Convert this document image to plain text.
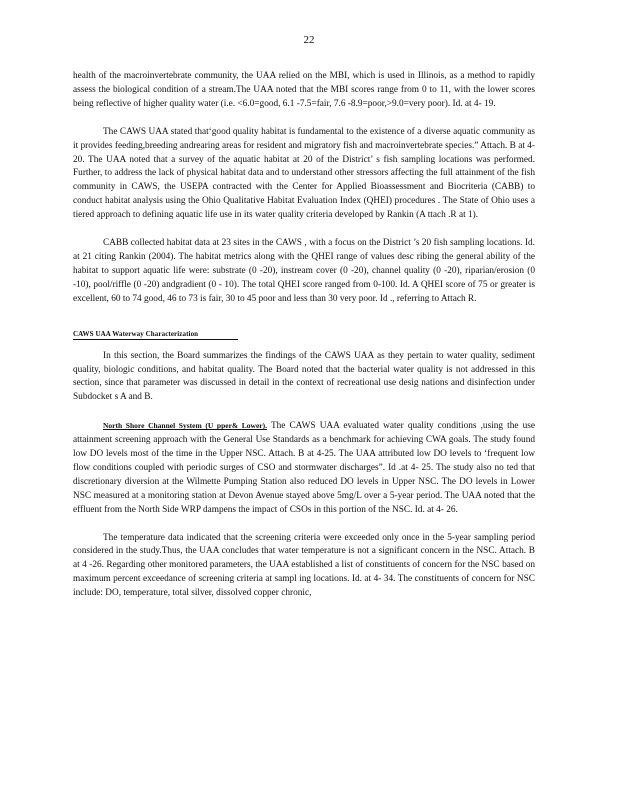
22

health of the macroinvertebrate community, the UAA relied on the MBI, which is used in Illinois, as a method to rapidly assess the biological condition of a stream.The UAA noted that the MBI scores range from 0 to 11, with the lower scores being reflective of higher quality water (i.e. <6.0=good, 6.1 -7.5=fair, 7.6 -8.9=poor,>9.0=very poor). Id. at 4- 19.

The CAWS UAA stated that‘good quality habitat is fundamental to the existence of a diverse aquatic community as it provides feeding,breeding andrearing areas for resident and migratory fish and macroinvertebrate species.” Attach. B at 4-20. The UAA noted that a survey of the aquatic habitat at 20 of the District’ s fish sampling locations was performed. Further, to address the lack of physical habitat data and to understand other stressors affecting the full attainment of the fish community in CAWS, the USEPA contracted with the Center for Applied Bioassessment and Biocriteria (CABB) to conduct habitat analysis using the Ohio Qualitative Habitat Evaluation Index (QHEI) procedures . The State of Ohio uses a tiered approach to defining aquatic life use in its water quality criteria developed by Rankin (A ttach .R at 1).

CABB collected habitat data at 23 sites in the CAWS , with a focus on the District ’s 20 fish sampling locations. Id. at 21 citing Rankin (2004). The habitat metrics along with the QHEI range of values desc ribing the general ability of the habitat to support aquatic life were: substrate (0 -20), instream cover (0 -20), channel quality (0 -20), riparian/erosion (0 -10), pool/riffle (0 -20) andgradient (0 - 10). The total QHEI score ranged from 0-100. Id. A QHEI score of 75 or greater is excellent, 60 to 74 good, 46 to 73 is fair, 30 to 45 poor and less than 30 very poor. Id ., referring to Attach R.

CAWS UAA Waterway Characterization

In this section, the Board summarizes the findings of the CAWS UAA as they pertain to water quality, sediment quality, biologic conditions, and habitat quality. The Board noted that the bacterial water quality is not addressed in this section, since that parameter was discussed in detail in the context of recreational use desig nations and disinfection under Subdocket s A and B.

North Shore Channel System (U pper& Lower). The CAWS UAA evaluated water quality conditions ,using the use attainment screening approach with the General Use Standards as a benchmark for achieving CWA goals. The study found low DO levels most of the time in the Upper NSC. Attach. B at 4-25. The UAA attributed low DO levels to ‘frequent low flow conditions coupled with periodic surges of CSO and stormwater discharges”. Id .at 4- 25. The study also no ted that discretionary diversion at the Wilmette Pumping Station also reduced DO levels in Upper NSC. The DO levels in Lower NSC measured at a monitoring station at Devon Avenue stayed above 5mg/L over a 5-year period. The UAA noted that the effluent from the North Side WRP dampens the impact of CSOs in this portion of the NSC. Id. at 4- 26.

The temperature data indicated that the screening criteria were exceeded only once in the 5-year sampling period considered in the study.Thus, the UAA concludes that water temperature is not a significant concern in the NSC. Attach. B at 4 -26. Regarding other monitored parameters, the UAA established a list of constituents of concern for the NSC based on maximum percent exceedance of screening criteria at sampl ing locations. Id. at 4- 34. The constituents of concern for NSC include: DO, temperature, total silver, dissolved copper chronic,
